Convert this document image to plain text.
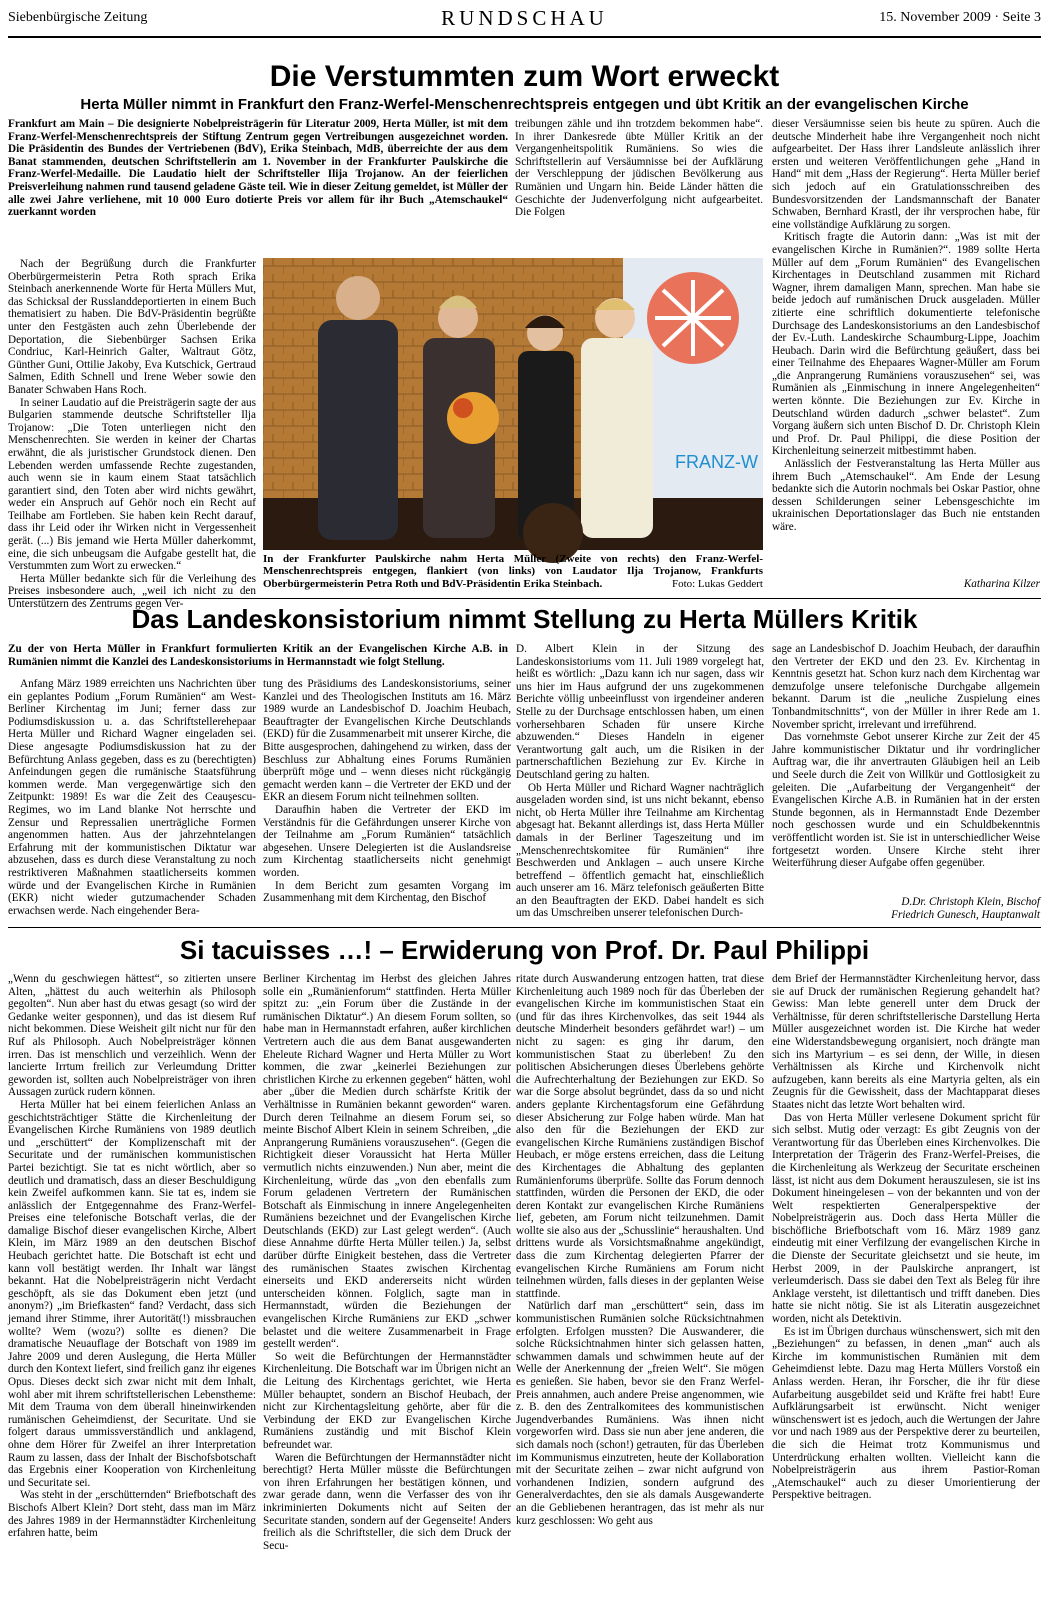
Siebenbürgische Zeitung	RUNDSCHAU	15. November 2009 · Seite 3
Die Verstummten zum Wort erweckt
Herta Müller nimmt in Frankfurt den Franz-Werfel-Menschenrechtspreis entgegen und übt Kritik an der evangelischen Kirche

Frankfurt am Main – Die designierte Nobelpreisträgerin für Literatur 2009, Herta Müller, ist mit dem Franz-Werfel-Menschenrechtspreis der Stiftung Zentrum gegen Vertreibungen ausgezeichnet worden. Die Präsidentin des Bundes der Vertriebenen (BdV), Erika Steinbach, MdB, überreichte der aus dem Banat stammenden, deutschen Schriftstellerin am 1. November in der Frankfurter Paulskirche die Franz-Werfel-Medaille. Die Laudatio hielt der Schriftsteller Ilija Trojanow. An der feierlichen Preisverleihung nahmen rund tausend geladene Gäste teil. Wie in dieser Zeitung gemeldet, ist Müller der alle zwei Jahre verliehene, mit 10 000 Euro dotierte Preis vor allem für ihr Buch „Atemschaukel“ zuerkannt worden

Nach der Begrüßung durch die Frankfurter Oberbürgermeisterin Petra Roth sprach Erika Steinbach anerkennende Worte für Herta Müllers Mut, das Schicksal der Russlanddeportierten in einem Buch thematisiert zu haben. Die BdV-Präsidentin begrüßte unter den Festgästen auch zehn Überlebende der Deportation, die Siebenbürger Sachsen Erika Condriuc, Karl-Heinrich Galter, Waltraut Götz, Günther Guni, Ottilie Jakoby, Eva Kutschick, Gertraud Salmen, Edith Schnell und Irene Weber sowie den Banater Schwaben Hans Roch.

In seiner Laudatio auf die Preisträgerin sagte der aus Bulgarien stammende deutsche Schriftsteller Ilja Trojanow: „Die Toten unterliegen nicht den Menschenrechten. Sie werden in keiner der Chartas erwähnt, die als juristischer Grundstock dienen. Den Lebenden werden umfassende Rechte zugestanden, auch wenn sie in kaum einem Staat tatsächlich garantiert sind, den Toten aber wird nichts gewährt, weder ein Anspruch auf Gehör noch ein Recht auf Teilhabe am Fortleben. Sie haben kein Recht darauf, dass ihr Leid oder ihr Wirken nicht in Vergessenheit gerät. (...) Bis jemand wie Herta Müller daherkommt, eine, die sich unbeugsam die Aufgabe gestellt hat, die Verstummten zum Wort zu erwecken.“

Herta Müller bedankte sich für die Verleihung des Preises insbesondere auch, „weil ich nicht zu den Unterstützern des Zentrums gegen Ver-

treibungen zähle und ihn trotzdem bekommen habe“. In ihrer Dankesrede übte Müller Kritik an der Vergangenheitspolitik Rumäniens. So wies die Schriftstellerin auf Versäumnisse bei der Aufklärung der Verschleppung der jüdischen Bevölkerung aus Rumänien und Ungarn hin. Beide Länder hätten die Geschichte der Judenverfolgung nicht aufgearbeitet. Die Folgen

dieser Versäumnisse seien bis heute zu spüren. Auch die deutsche Minderheit habe ihre Vergangenheit noch nicht aufgearbeitet. Der Hass ihrer Landsleute anlässlich ihrer ersten und weiteren Veröffentlichungen gehe „Hand in Hand“ mit dem „Hass der Regierung“. Herta Müller berief sich jedoch auf ein Gratulationsschreiben des Bundesvorsitzenden der Landsmannschaft der Banater Schwaben, Bernhard Krastl, der ihr versprochen habe, für eine vollständige Aufklärung zu sorgen.

Kritisch fragte die Autorin dann: „Was ist mit der evangelischen Kirche in Rumänien?“. 1989 sollte Herta Müller auf dem „Forum Rumänien“ des Evangelischen Kirchentages in Deutschland zusammen mit Richard Wagner, ihrem damaligen Mann, sprechen. Man habe sie beide jedoch auf rumänischen Druck ausgeladen. Müller zitierte eine schriftlich dokumentierte telefonische Durchsage des Landeskonsistoriums an den Landesbischof der Ev.-Luth. Landeskirche Schaumburg-Lippe, Joachim Heubach. Darin wird die Befürchtung geäußert, dass bei einer Teilnahme des Ehepaares Wagner-Müller am Forum „die Anprangerung Rumäniens vorauszusehen“ sei, was Rumänien als „Einmischung in innere Angelegenheiten“ werten könnte. Die Beziehungen zur Ev. Kirche in Deutschland würden dadurch „schwer belastet“. Zum Vorgang äußern sich unten Bischof D. Dr. Christoph Klein und Prof. Dr. Paul Philippi, die diese Position der Kirchenleitung seinerzeit mitbestimmt haben.

Anlässlich der Festveranstaltung las Herta Müller aus ihrem Buch „Atemschaukel“. Am Ende der Lesung bedankte sich die Autorin nochmals bei Oskar Pastior, ohne dessen Schilderungen seiner Lebensgeschichte im ukrainischen Deportationslager das Buch nie entstanden wäre.

Katharina Kilzer
FRANZ-W
In der Frankfurter Paulskirche nahm Herta Müller (Zweite von rechts) den Franz-Werfel-Menschenrechtspreis entgegen, flankiert (von links) von Laudator Ilja Trojanow, Frankfurts Oberbürgermeisterin Petra Roth und BdV-Präsidentin Erika Steinbach.	Foto: Lukas Geddert
Das Landeskonsistorium nimmt Stellung zu Herta Müllers Kritik

Zu der von Herta Müller in Frankfurt formulierten Kritik an der Evangelischen Kirche A.B. in Rumänien nimmt die Kanzlei des Landeskonsistoriums in Hermannstadt wie folgt Stellung.

Anfang März 1989 erreichten uns Nachrichten über ein geplantes Podium „Forum Rumänien“ am West-Berliner Kirchentag im Juni; ferner dass zur Podiumsdiskussion u. a. das Schriftstellerehepaar Herta Müller und Richard Wagner eingeladen sei. Diese angesagte Podiumsdiskussion hat zu der Befürchtung Anlass gegeben, dass es zu (berechtigten) Anfeindungen gegen die rumänische Staatsführung kommen werde. Man vergegenwärtige sich den Zeitpunkt: 1989! Es war die Zeit des Ceauşescu-Regimes, wo im Land blanke Not herrschte und Zensur und Repressalien unerträgliche Formen angenommen hatten. Aus der jahrzehntelangen Erfahrung mit der kommunistischen Diktatur war abzusehen, dass es durch diese Veranstaltung zu noch restriktiveren Maßnahmen staatlicherseits kommen würde und der Evangelischen Kirche in Rumänien (EKR) nicht wieder gutzumachender Schaden erwachsen werde. Nach eingehender Bera-

tung des Präsidiums des Landeskonsistoriums, seiner Kanzlei und des Theologischen Instituts am 16. März 1989 wurde an Landesbischof D. Joachim Heubach, Beauftragter der Evangelischen Kirche Deutschlands (EKD) für die Zusammenarbeit mit unserer Kirche, die Bitte ausgesprochen, dahingehend zu wirken, dass der Beschluss zur Abhaltung eines Forums Rumänien überprüft möge und – wenn dieses nicht rückgängig gemacht werden kann – die Vertreter der EKD und der EKR an diesem Forum nicht teilnehmen sollten.

Daraufhin haben die Vertreter der EKD im Verständnis für die Gefährdungen unserer Kirche von der Teilnahme am „Forum Rumänien“ tatsächlich abgesehen. Unsere Delegierten ist die Auslandsreise zum Kirchentag staatlicherseits nicht genehmigt worden.

In dem Bericht zum gesamten Vorgang im Zusammenhang mit dem Kirchentag, den Bischof

D. Albert Klein in der Sitzung des Landeskonsistoriums vom 11. Juli 1989 vorgelegt hat, heißt es wörtlich: „Dazu kann ich nur sagen, dass wir uns hier im Haus aufgrund der uns zugekommenen Berichte völlig unbeeinflusst von irgendeiner anderen Stelle zu der Durchsage entschlossen haben, um einen vorhersehbaren Schaden für unsere Kirche abzuwenden.“ Dieses Handeln in eigener Verantwortung galt auch, um die Risiken in der partnerschaftlichen Beziehung zur Ev. Kirche in Deutschland gering zu halten.

Ob Herta Müller und Richard Wagner nachträglich ausgeladen worden sind, ist uns nicht bekannt, ebenso nicht, ob Herta Müller ihre Teilnahme am Kirchentag abgesagt hat. Bekannt allerdings ist, dass Herta Müller damals in der Berliner Tageszeitung und im „Menschenrechtskomitee für Rumänien“ ihre Beschwerden und Anklagen – auch unsere Kirche betreffend – öffentlich gemacht hat, einschließlich auch unserer am 16. März telefonisch geäußerten Bitte an den Beauftragten der EKD. Dabei handelt es sich um das Umschreiben unserer telefonischen Durch-

sage an Landesbischof D. Joachim Heubach, der daraufhin den Vertreter der EKD und den 23. Ev. Kirchentag in Kenntnis gesetzt hat. Schon kurz nach dem Kirchentag war demzufolge unsere telefonische Durchgabe allgemein bekannt. Darum ist die „neuliche Zuspielung eines Tonbandmitschnitts“, von der Müller in ihrer Rede am 1. November spricht, irrelevant und irreführend.

Das vornehmste Gebot unserer Kirche zur Zeit der 45 Jahre kommunistischer Diktatur und ihr vordringlicher Auftrag war, die ihr anvertrauten Gläubigen heil an Leib und Seele durch die Zeit von Willkür und Gottlosigkeit zu geleiten. Die „Aufarbeitung der Vergangenheit“ der Evangelischen Kirche A.B. in Rumänien hat in der ersten Stunde begonnen, als in Hermannstadt Ende Dezember noch geschossen wurde und ein Schuldbekenntnis veröffentlicht worden ist. Sie ist in unterschiedlicher Weise fortgesetzt worden. Unsere Kirche steht ihrer Weiterführung dieser Aufgabe offen gegenüber.

D.Dr. Christoph Klein, Bischof
Friedrich Gunesch, Hauptanwalt
Si tacuisses …! – Erwiderung von Prof. Dr. Paul Philippi

„Wenn du geschwiegen hättest“, so zitierten unsere Alten, „hättest du auch weiterhin als Philosoph gegolten“. Nun aber hast du etwas gesagt (so wird der Gedanke weiter gesponnen), und das ist diesem Ruf nicht bekommen. Diese Weisheit gilt nicht nur für den Ruf als Philosoph. Auch Nobelpreisträger können irren. Das ist menschlich und verzeihlich. Wenn der lancierte Irrtum freilich zur Verleumdung Dritter geworden ist, sollten auch Nobelpreisträger von ihren Aussagen zurück rudern können.

Herta Müller hat bei einem feierlichen Anlass an geschichtsträchtiger Stätte die Kirchenleitung der Evangelischen Kirche Rumäniens von 1989 deutlich und „erschüttert“ der Komplizenschaft mit der Securitate und der rumänischen kommunistischen Partei bezichtigt. Sie tat es nicht wörtlich, aber so deutlich und dramatisch, dass an dieser Beschuldigung kein Zweifel aufkommen kann. Sie tat es, indem sie anlässlich der Entgegennahme des Franz-Werfel-Preises eine telefonische Botschaft verlas, die der damalige Bischof dieser evangelischen Kirche, Albert Klein, im März 1989 an den deutschen Bischof Heubach gerichtet hatte. Die Botschaft ist echt und kann voll bestätigt werden. Ihr Inhalt war längst bekannt. Hat die Nobelpreisträgerin nicht Verdacht geschöpft, als sie das Dokument eben jetzt (und anonym?) „im Briefkasten“ fand? Verdacht, dass sich jemand ihrer Stimme, ihrer Autorität(!) missbrauchen wollte? Wem (wozu?) sollte es dienen? Die dramatische Neuauflage der Botschaft von 1989 im Jahre 2009 und deren Auslegung, die Herta Müller durch den Kontext liefert, sind freilich ganz ihr eigenes Opus. Dieses deckt sich zwar nicht mit dem Inhalt, wohl aber mit ihrem schriftstellerischen Lebenstheme: Mit dem Trauma von dem überall hineinwirkenden rumänischen Geheimdienst, der Securitate. Und sie folgert daraus ummissverständlich und anklagend, ohne dem Hörer für Zweifel an ihrer Interpretation Raum zu lassen, dass der Inhalt der Bischofsbotschaft das Ergebnis einer Kooperation von Kirchenleitung und Securitate sei.

Was steht in der „erschütternden“ Briefbotschaft des Bischofs Albert Klein? Dort steht, dass man im März des Jahres 1989 in der Hermannstädter Kirchenleitung erfahren hatte, beim

Berliner Kirchentag im Herbst des gleichen Jahres solle ein „Rumänienforum“ stattfinden. Herta Müller spitzt zu: „ein Forum über die Zustände in der rumänischen Diktatur“.) An diesem Forum sollten, so habe man in Hermannstadt erfahren, außer kirchlichen Vertretern auch die aus dem Banat ausgewanderten Eheleute Richard Wagner und Herta Müller zu Wort kommen, die zwar „keinerlei Beziehungen zur christlichen Kirche zu erkennen gegeben“ hätten, wohl aber „über die Medien durch schärfste Kritik der Verhältnisse in Rumänien bekannt geworden“ waren. Durch deren Teilnahme an diesem Forum sei, so meinte Bischof Albert Klein in seinem Schreiben, „die Anprangerung Rumäniens vorauszusehen“. (Gegen die Richtigkeit dieser Voraussicht hat Herta Müller vermutlich nichts einzuwenden.) Nun aber, meint die Kirchenleitung, würde das „von den ebenfalls zum Forum geladenen Vertretern der Rumänischen Botschaft als Einmischung in innere Angelegenheiten Rumäniens bezeichnet und der Evangelischen Kirche Deutschlands (EKD) zur Last gelegt werden“. (Auch diese Annahme dürfte Herta Müller teilen.) Ja, selbst darüber dürfte Einigkeit bestehen, dass die Vertreter des rumänischen Staates zwischen Kirchentag einerseits und EKD andererseits nicht würden unterscheiden können. Folglich, sagte man in Hermannstadt, würden die Beziehungen der evangelischen Kirche Rumäniens zur EKD „schwer belastet und die weitere Zusammenarbeit in Frage gestellt werden“.

So weit die Befürchtungen der Hermannstädter Kirchenleitung. Die Botschaft war im Übrigen nicht an die Leitung des Kirchentags gerichtet, wie Herta Müller behauptet, sondern an Bischof Heubach, der nicht zur Kirchentagsleitung gehörte, aber für die Verbindung der EKD zur Evangelischen Kirche Rumäniens zuständig und mit Bischof Klein befreundet war.

Waren die Befürchtungen der Hermannstädter nicht berechtigt? Herta Müller müsste die Befürchtungen von ihren Erfahrungen her bestätigen können, und zwar gerade dann, wenn die Verfasser des von ihr inkriminierten Dokuments nicht auf Seiten der Securitate standen, sondern auf der Gegenseite! Anders freilich als die Schriftsteller, die sich dem Druck der Secu-

ritate durch Auswanderung entzogen hatten, trat diese Kirchenleitung auch 1989 noch für das Überleben der evangelischen Kirche im kommunistischen Staat ein (und für das ihres Kirchenvolkes, das seit 1944 als deutsche Minderheit besonders gefährdet war!) – um nicht zu sagen: es ging ihr darum, den kommunistischen Staat zu überleben! Zu den politischen Absicherungen dieses Überlebens gehörte die Aufrechterhaltung der Beziehungen zur EKD. So war die Sorge absolut begründet, dass da so und nicht anders geplante Kirchentagsforum eine Gefährdung dieser Absicherung zur Folge haben würde. Man hat also den für die Beziehungen der EKD zur evangelischen Kirche Rumäniens zuständigen Bischof Heubach, er möge erstens erreichen, dass die Leitung des Kirchentages die Abhaltung des geplanten Rumänienforums überprüfe. Sollte das Forum dennoch stattfinden, würden die Personen der EKD, die oder deren Kontakt zur evangelischen Kirche Rumäniens lief, gebeten, am Forum nicht teilzunehmen. Damit wollte sie also aus der „Schusslinie“ heraushalten. Und drittens wurde als Vorsichtsmaßnahme angekündigt, dass die zum Kirchentag delegierten Pfarrer der evangelischen Kirche Rumäniens am Forum nicht teilnehmen würden, falls dieses in der geplanten Weise stattfinde.

Natürlich darf man „erschüttert“ sein, dass im kommunistischen Rumänien solche Rücksichtnahmen erfolgten. Erfolgen mussten? Die Auswanderer, die solche Rücksichtnahmen hinter sich gelassen hatten, schwammen damals und schwimmen heute auf der Welle der Anerkennung der „freien Welt“. Sie mögen es genießen. Sie haben, bevor sie den Franz Werfel-Preis annahmen, auch andere Preise angenommen, wie z. B. den des Zentralkomitees des kommunistischen Jugendverbandes Rumäniens. Was ihnen nicht vorgeworfen wird. Dass sie nun aber jene anderen, die sich damals noch (schon!) getrauten, für das Überleben im Kommunismus einzutreten, heute der Kollaboration mit der Securitate zeihen – zwar nicht aufgrund von vorhandenen Indizien, sondern aufgrund des Generalverdachtes, den sie als damals Ausgewanderte an die Gebliebenen herantragen, das ist mehr als nur kurz geschlossen: Wo geht aus

dem Brief der Hermannstädter Kirchenleitung hervor, dass sie auf Druck der rumänischen Regierung gehandelt hat? Gewiss: Man lebte generell unter dem Druck der Verhältnisse, für deren schriftstellerische Darstellung Herta Müller ausgezeichnet worden ist. Die Kirche hat weder eine Widerstandsbewegung organisiert, noch drängte man sich ins Martyrium – es sei denn, der Wille, in diesen Verhältnissen als Kirche und Kirchenvolk nicht aufzugeben, kann bereits als eine Martyria gelten, als ein Zeugnis für die Gewissheit, dass der Machtapparat dieses Staates nicht das letzte Wort behalten wird.

Das von Herta Müller verlesene Dokument spricht für sich selbst. Mutig oder verzagt: Es gibt Zeugnis von der Verantwortung für das Überleben eines Kirchenvolkes. Die Interpretation der Trägerin des Franz-Werfel-Preises, die die Kirchenleitung als Werkzeug der Securitate erscheinen lässt, ist nicht aus dem Dokument herauszulesen, sie ist ins Dokument hineingelesen – von der bekannten und von der Welt respektierten Generalperspektive der Nobelpreisträgerin aus. Doch dass Herta Müller die bischöfliche Briefbotschaft vom 16. März 1989 ganz eindeutig mit einer Verfilzung der evangelischen Kirche in die Dienste der Securitate gleichsetzt und sie heute, im Herbst 2009, in der Paulskirche anprangert, ist verleumderisch. Dass sie dabei den Text als Beleg für ihre Anklage versteht, ist dilettantisch und trifft daneben. Dies hatte sie nicht nötig. Sie ist als Literatin ausgezeichnet worden, nicht als Detektivin.

Es ist im Übrigen durchaus wünschenswert, sich mit den „Beziehungen“ zu befassen, in denen „man“ auch als Kirche im kommunistischen Rumänien mit dem Geheimdienst lebte. Dazu mag Herta Müllers Vorstoß ein Anlass werden. Heran, ihr Forscher, die ihr für diese Aufarbeitung ausgebildet seid und Kräfte frei habt! Eure Aufklärungsarbeit ist erwünscht. Nicht weniger wünschenswert ist es jedoch, auch die Wertungen der Jahre vor und nach 1989 aus der Perspektive derer zu beurteilen, die sich die Heimat trotz Kommunismus und Unterdrückung erhalten wollten. Vielleicht kann die Nobelpreisträgerin aus ihrem Pastior-Roman „Atemschaukel“ auch zu dieser Umorientierung der Perspektive beitragen.
